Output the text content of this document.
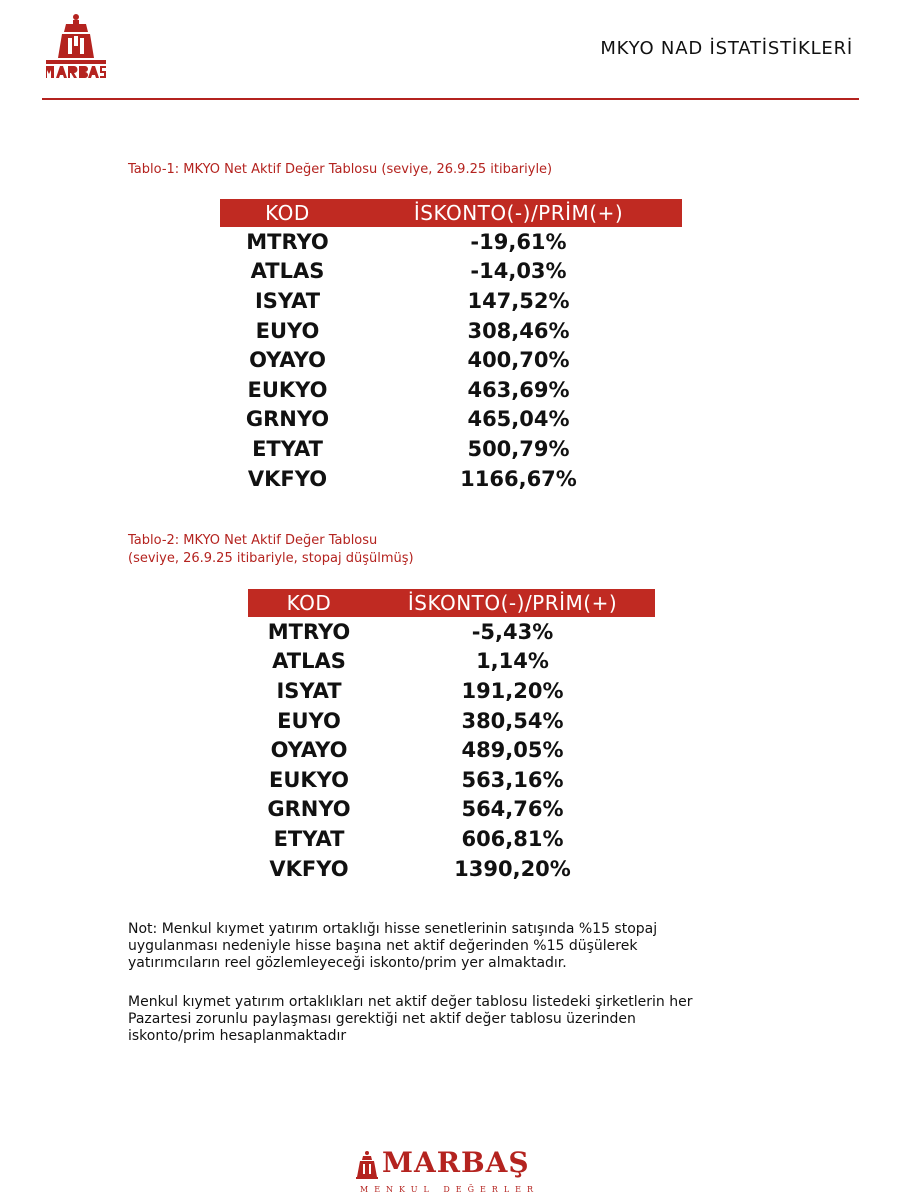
MKYO NAD İSTATİSTİKLERİ
Tablo-1: MKYO Net Aktif Değer Tablosu (seviye, 26.9.25 itibariyle)
KOD	İSKONTO(-)/PRİM(+)
MTRYO	-19,61%
ATLAS	-14,03%
ISYAT	147,52%
EUYO	308,46%
OYAYO	400,70%
EUKYO	463,69%
GRNYO	465,04%
ETYAT	500,79%
VKFYO	1166,67%
Tablo-2: MKYO Net Aktif Değer Tablosu
(seviye, 26.9.25 itibariyle, stopaj düşülmüş)
KOD	İSKONTO(-)/PRİM(+)
MTRYO	-5,43%
ATLAS	1,14%
ISYAT	191,20%
EUYO	380,54%
OYAYO	489,05%
EUKYO	563,16%
GRNYO	564,76%
ETYAT	606,81%
VKFYO	1390,20%
Not: Menkul kıymet yatırım ortaklığı hisse senetlerinin satışında %15 stopaj
uygulanması nedeniyle hisse başına net aktif değerinden %15 düşülerek
yatırımcıların reel gözlemleyeceği iskonto/prim yer almaktadır.
Menkul kıymet yatırım ortaklıkları net aktif değer tablosu listedeki şirketlerin her
Pazartesi zorunlu paylaşması gerektiği net aktif değer tablosu üzerinden
iskonto/prim hesaplanmaktadır
MARBAŞ
MENKUL DEĞERLER
